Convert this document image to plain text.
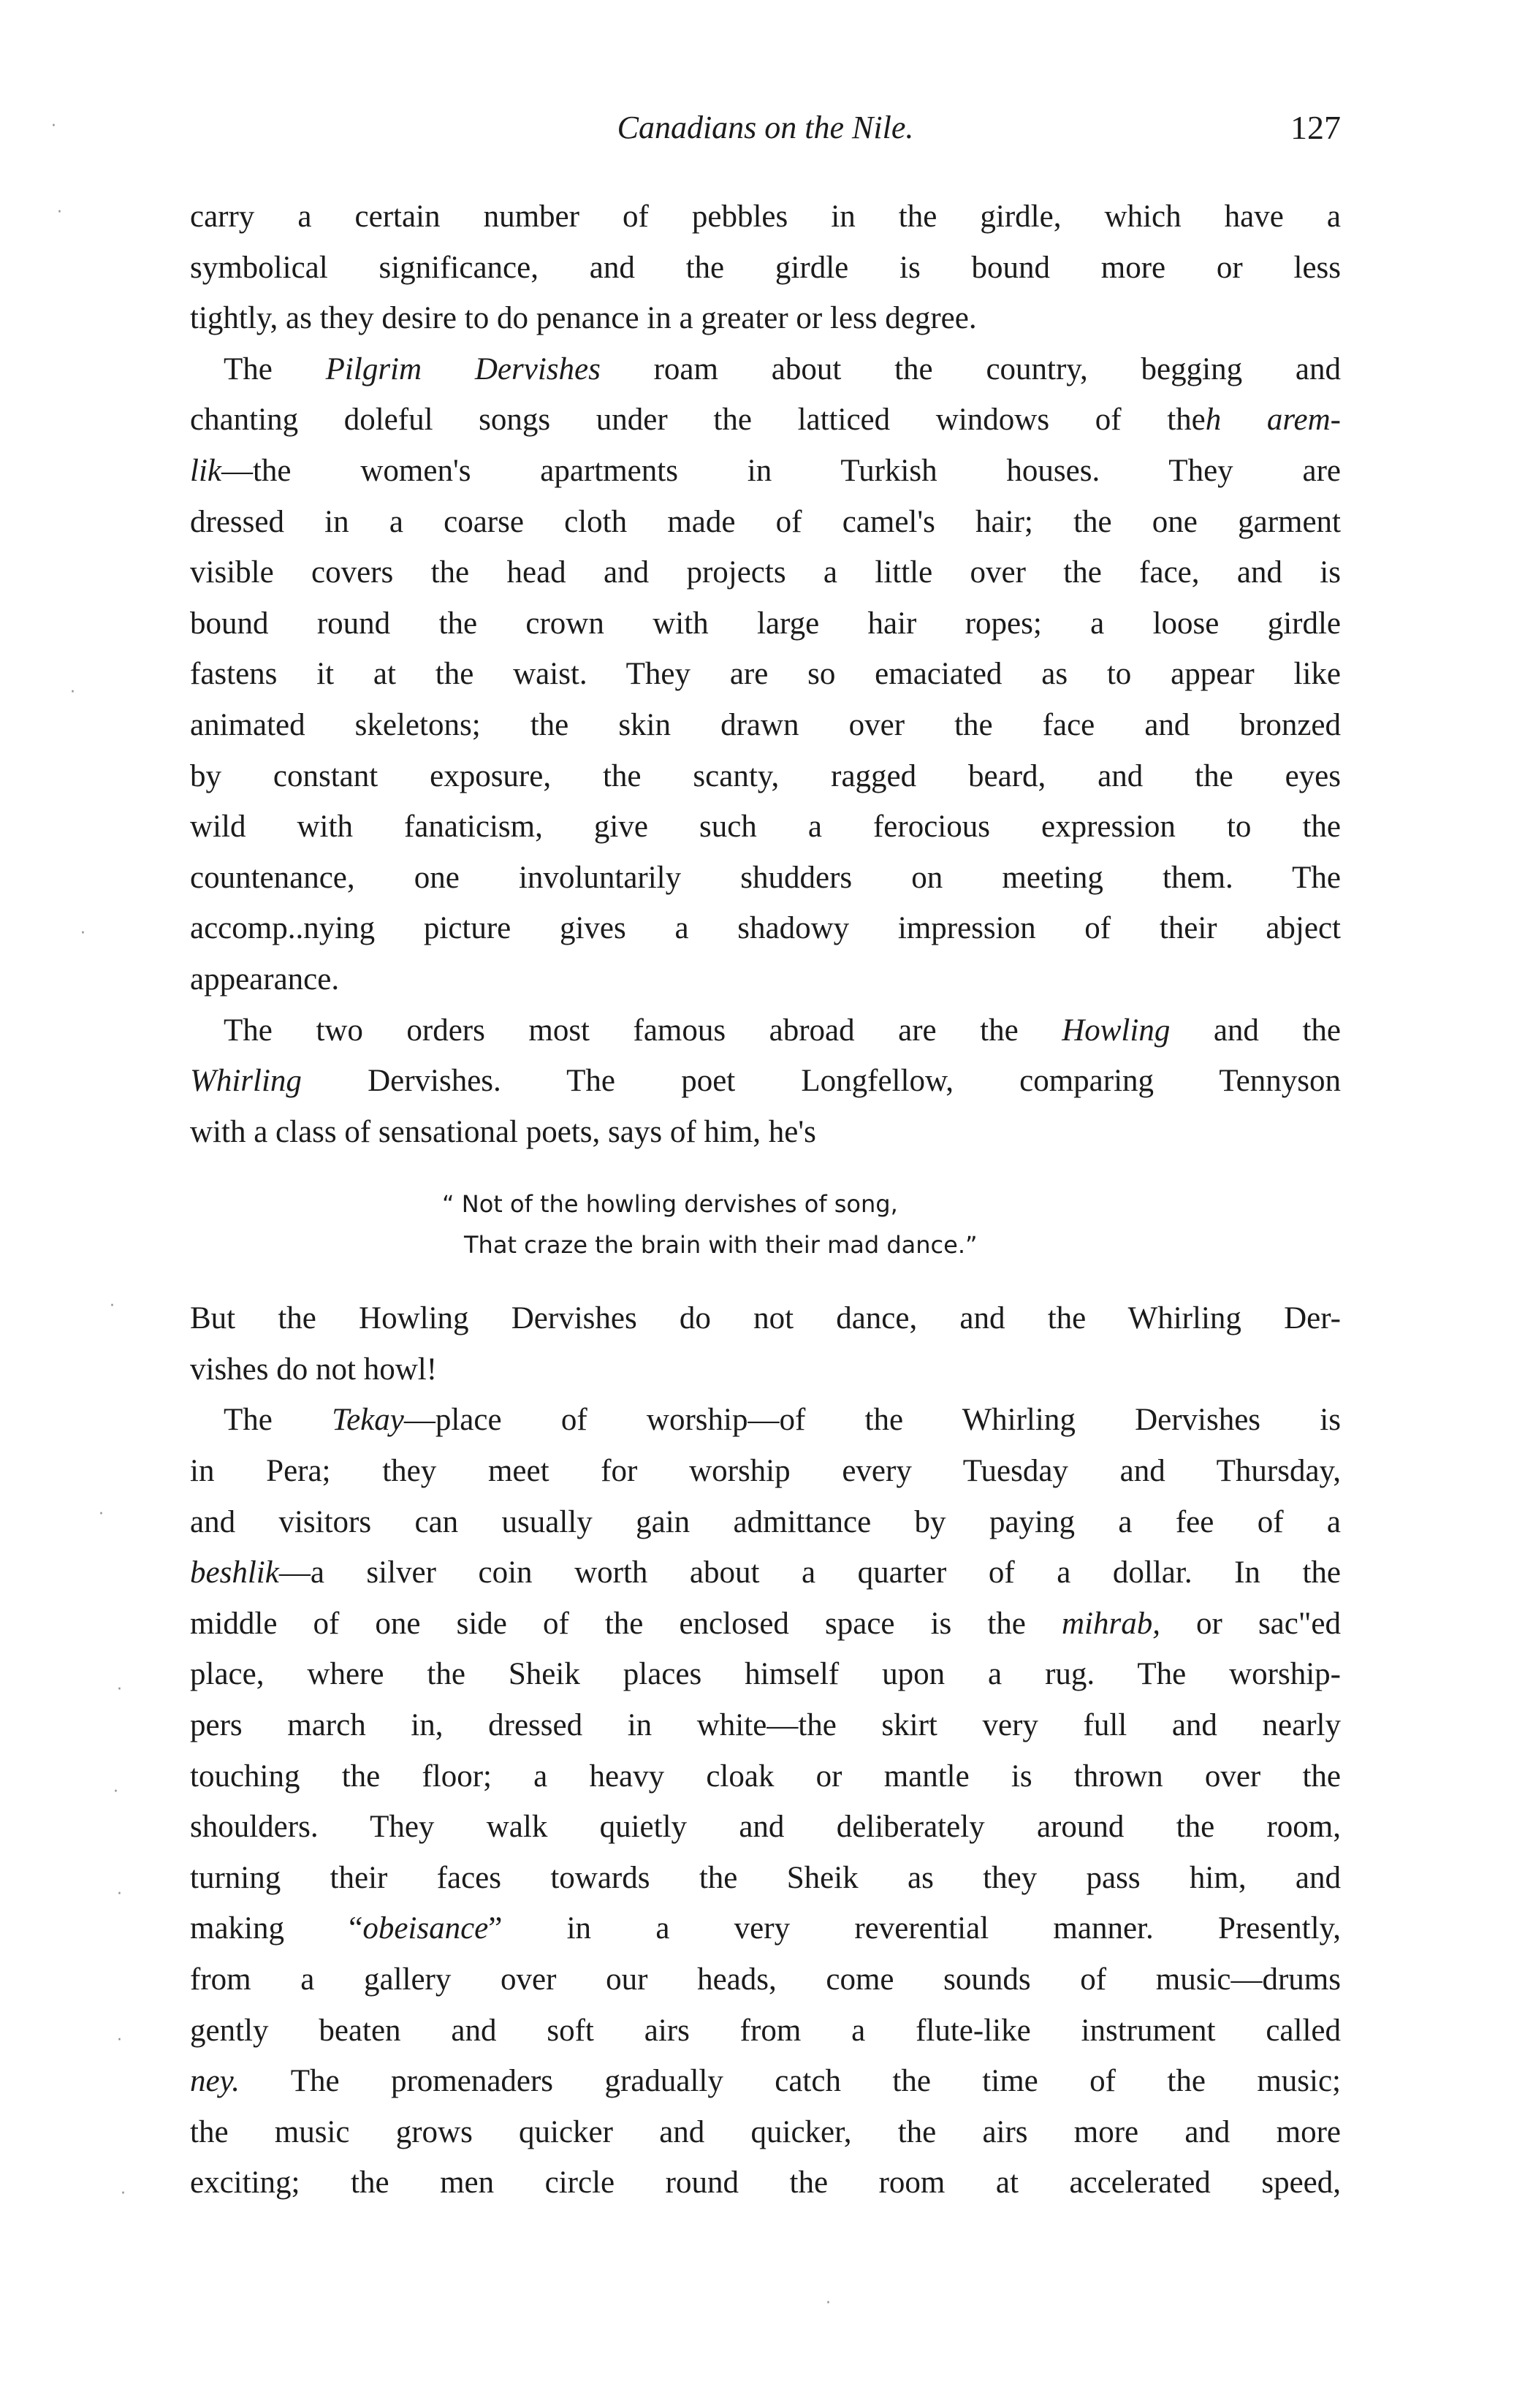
Canadians on the Nile.	127
carry a certain number of pebbles in the girdle, which have a
symbolical significance, and the girdle is bound more or less
tightly, as they desire to do penance in a greater or less degree.
The Pilgrim Dervishes roam about the country, begging and
chanting doleful songs under the latticed windows of theh arem-
lik—the women's apartments in Turkish houses. They are
dressed in a coarse cloth made of camel's hair; the one garment
visible covers the head and projects a little over the face, and is
bound round the crown with large hair ropes; a loose girdle
fastens it at the waist. They are so emaciated as to appear like
animated skeletons; the skin drawn over the face and bronzed
by constant exposure, the scanty, ragged beard, and the eyes
wild with fanaticism, give such a ferocious expression to the
countenance, one involuntarily shudders on meeting them. The
accomp..nying picture gives a shadowy impression of their abject
appearance.
The two orders most famous abroad are the Howling and the
Whirling Dervishes. The poet Longfellow, comparing Tennyson
with a class of sensational poets, says of him, he's
“ Not of the howling dervishes of song,
That craze the brain with their mad dance.”
But the Howling Dervishes do not dance, and the Whirling Der-
vishes do not howl!
The Tekay—place of worship—of the Whirling Dervishes is
in Pera; they meet for worship every Tuesday and Thursday,
and visitors can usually gain admittance by paying a fee of a
beshlik—a silver coin worth about a quarter of a dollar. In the
middle of one side of the enclosed space is the mihrab, or sac"ed
place, where the Sheik places himself upon a rug. The worship-
pers march in, dressed in white—the skirt very full and nearly
touching the floor; a heavy cloak or mantle is thrown over the
shoulders. They walk quietly and deliberately around the room,
turning their faces towards the Sheik as they pass him, and
making “obeisance” in a very reverential manner. Presently,
from a gallery over our heads, come sounds of music—drums
gently beaten and soft airs from a flute-like instrument called
ney. The promenaders gradually catch the time of the music;
the music grows quicker and quicker, the airs more and more
exciting; the men circle round the room at accelerated speed,
·
·
·
·
·
·
·
·
·
·
·
·
